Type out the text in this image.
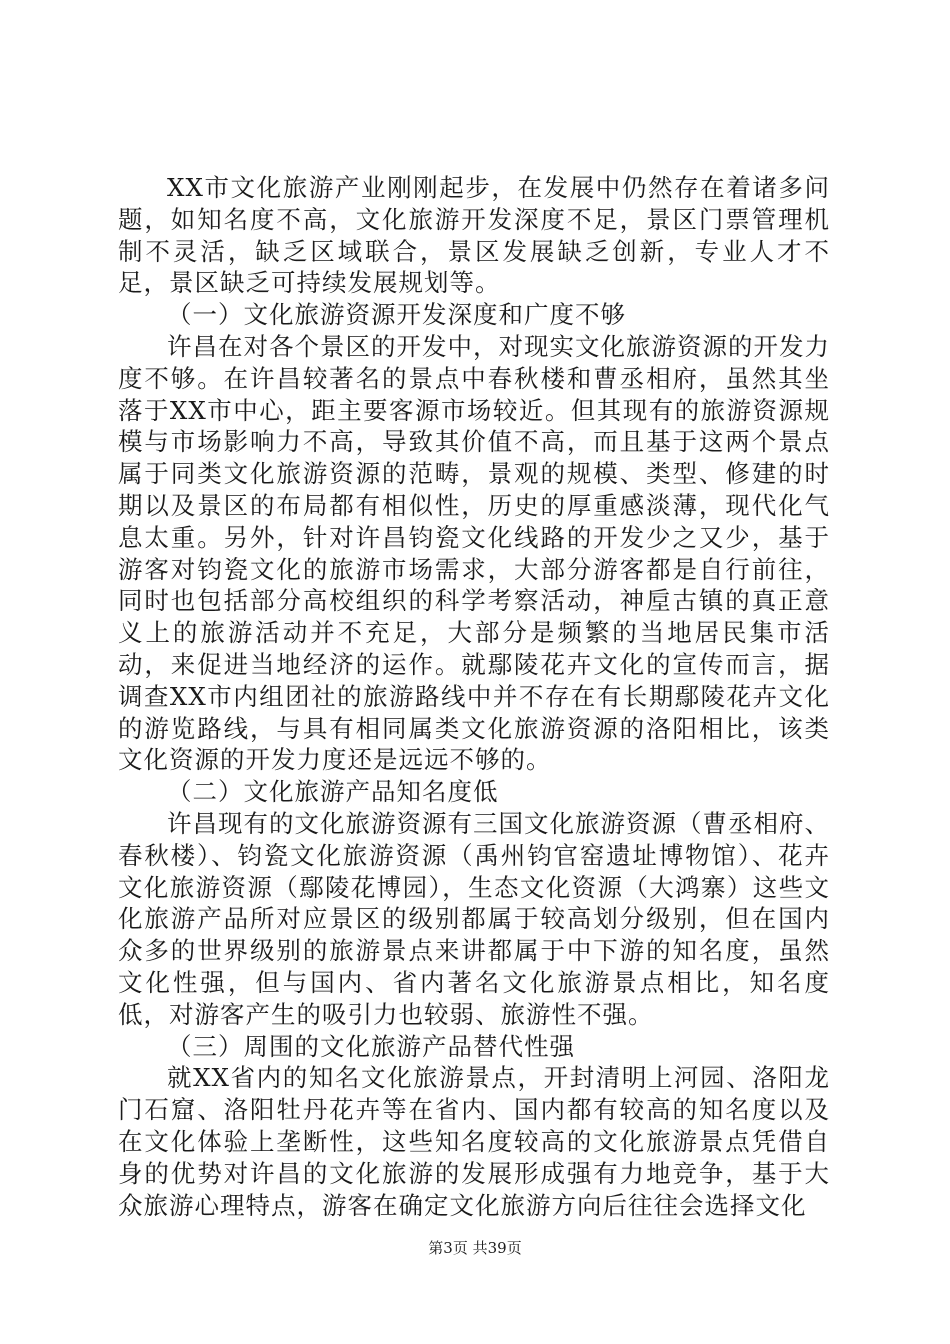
XX市文化旅游产业刚刚起步，在发展中仍然存在着诸多问题，如知名度不高，文化旅游开发深度不足，景区门票管理机制不灵活，缺乏区域联合，景区发展缺乏创新，专业人才不足，景区缺乏可持续发展规划等。

（一）文化旅游资源开发深度和广度不够

许昌在对各个景区的开发中，对现实文化旅游资源的开发力度不够。在许昌较著名的景点中春秋楼和曹丞相府，虽然其坐落于XX市中心，距主要客源市场较近。但其现有的旅游资源规模与市场影响力不高，导致其价值不高，而且基于这两个景点属于同类文化旅游资源的范畴，景观的规模、类型、修建的时期以及景区的布局都有相似性，历史的厚重感淡薄，现代化气息太重。另外，针对许昌钧瓷文化线路的开发少之又少，基于游客对钧瓷文化的旅游市场需求，大部分游客都是自行前往，同时也包括部分高校组织的科学考察活动，神垕古镇的真正意义上的旅游活动并不充足，大部分是频繁的当地居民集市活动，来促进当地经济的运作。就鄢陵花卉文化的宣传而言，据调查XX市内组团社的旅游路线中并不存在有长期鄢陵花卉文化的游览路线，与具有相同属类文化旅游资源的洛阳相比，该类文化资源的开发力度还是远远不够的。

（二）文化旅游产品知名度低

许昌现有的文化旅游资源有三国文化旅游资源（曹丞相府、春秋楼）、钧瓷文化旅游资源（禹州钧官窑遗址博物馆）、花卉文化旅游资源（鄢陵花博园），生态文化资源（大鸿寨）这些文化旅游产品所对应景区的级别都属于较高划分级别，但在国内众多的世界级别的旅游景点来讲都属于中下游的知名度，虽然文化性强，但与国内、省内著名文化旅游景点相比，知名度低，对游客产生的吸引力也较弱、旅游性不强。

（三）周围的文化旅游产品替代性强

就XX省内的知名文化旅游景点，开封清明上河园、洛阳龙门石窟、洛阳牡丹花卉等在省内、国内都有较高的知名度以及在文化体验上垄断性，这些知名度较高的文化旅游景点凭借自身的优势对许昌的文化旅游的发展形成强有力地竞争，基于大众旅游心理特点，游客在确定文化旅游方向后往往会选择文化

第3页 共39页
